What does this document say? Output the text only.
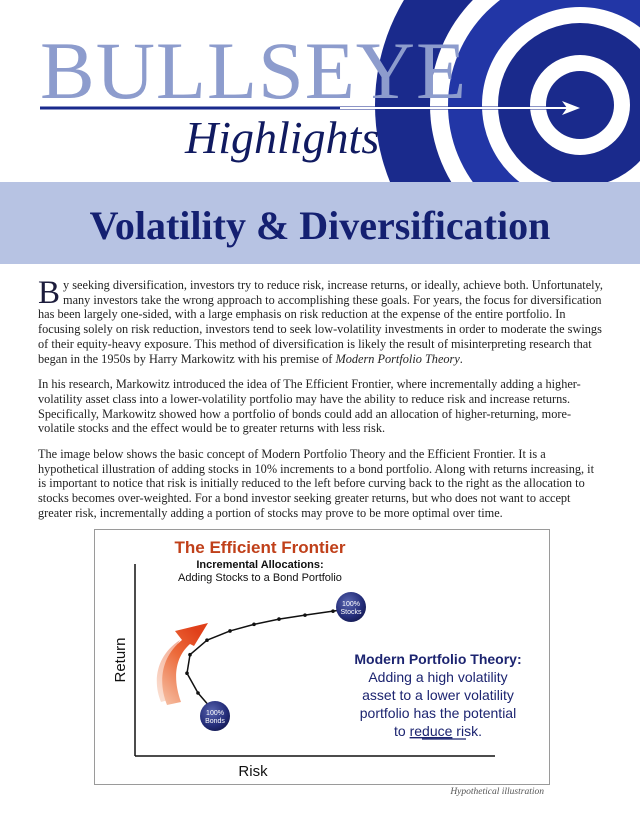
BULLSEYE
Highlights
Volatility & Diversification

By seeking diversification, investors try to reduce risk, increase returns, or ideally, achieve both. Unfortunately, many investors take the wrong approach to accomplishing these goals. For years, the focus for diversification has been largely one-sided, with a large emphasis on risk reduction at the expense of the entire portfolio. In focusing solely on risk reduction, investors tend to seek low-volatility investments in order to moderate the swings of their equity-heavy exposure. This method of diversification is likely the result of misinterpreting research that began in the 1950s by Harry Markowitz with his premise of Modern Portfolio Theory.

In his research, Markowitz introduced the idea of The Efficient Frontier, where incrementally adding a higher-volatility asset class into a lower-volatility portfolio may have the ability to reduce risk and increase returns. Specifically, Markowitz showed how a portfolio of bonds could add an allocation of higher-returning, more-volatile stocks and the effect would be to greater returns with less risk.

The image below shows the basic concept of Modern Portfolio Theory and the Efficient Frontier. It is a hypothetical illustration of adding stocks in 10% increments to a bond portfolio. Along with returns increasing, it is important to notice that risk is initially reduced to the left before curving back to the right as the allocation to stocks becomes over-weighted. For a bond investor seeking greater returns, but who does not want to accept greater risk, incrementally adding a portion of stocks may prove to be more optimal over time.

The Efficient Frontier
Incremental Allocations:
Adding Stocks to a Bond Portfolio
Risk
Return
100%
Bonds
100%
Stocks
Modern Portfolio Theory:
Adding a high volatility
asset to a lower volatility
portfolio has the potential
to reduce risk.
Hypothetical illustration
